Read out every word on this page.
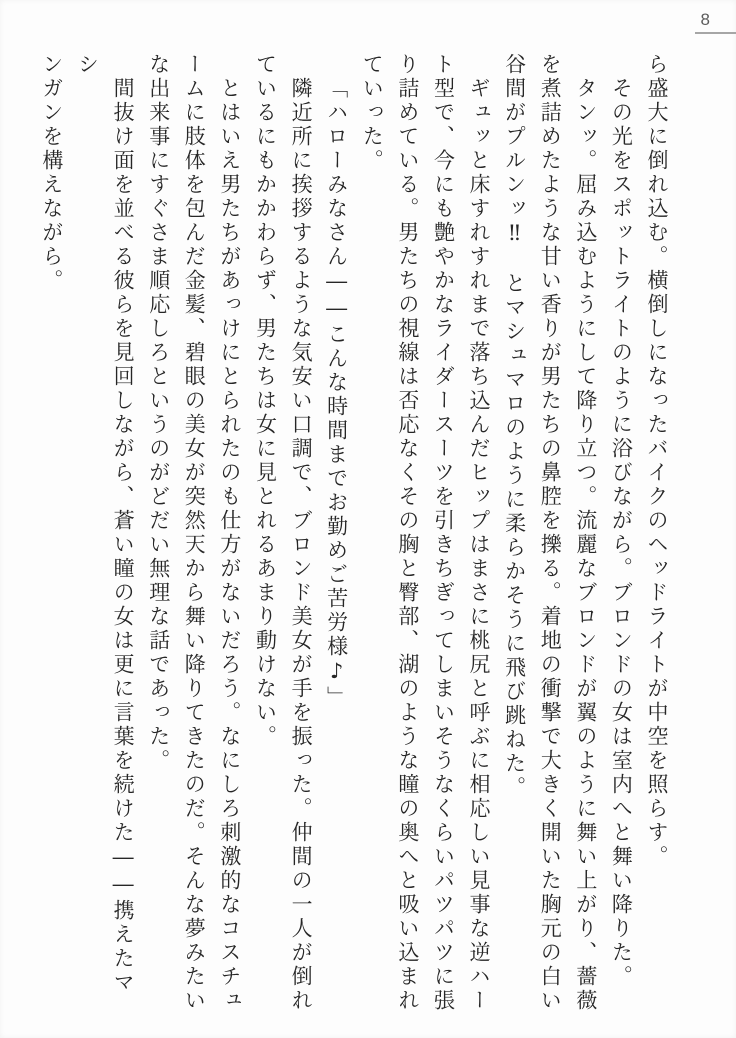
8

ら盛大に倒れ込む。横倒しになったバイクのヘッドライトが中空を照らす。

その光をスポットライトのように浴びながら。ブロンドの女は室内へと舞い降りた。

タンッ。屈み込むようにして降り立つ。流麗なブロンドが翼のように舞い上がり、薔薇

を煮詰めたような甘い香りが男たちの鼻腔を擽る。着地の衝撃で大きく開いた胸元の白い

谷間がプルンッ‼　とマシュマロのように柔らかそうに飛び跳ねた。

ギュッと床すれすれまで落ち込んだヒップはまさに桃尻と呼ぶに相応しい見事な逆ハー

ト型で、今にも艶やかなライダースーツを引きちぎってしまいそうなくらいパツパツに張

り詰めている。男たちの視線は否応なくその胸と臀部、湖のような瞳の奥へと吸い込まれ

ていった。

「ハローみなさん――こんな時間までお勤めご苦労様♪」

隣近所に挨拶するような気安い口調で、ブロンド美女が手を振った。仲間の一人が倒れ

ているにもかかわらず、男たちは女に見とれるあまり動けない。

とはいえ男たちがあっけにとられたのも仕方がないだろう。なにしろ刺激的なコスチュ

ームに肢体を包んだ金髪、碧眼の美女が突然天から舞い降りてきたのだ。そんな夢みたい

な出来事にすぐさま順応しろというのがどだい無理な話であった。

間抜け面を並べる彼らを見回しながら、蒼い瞳の女は更に言葉を続けた――携えたマシ

ンガンを構えながら。
